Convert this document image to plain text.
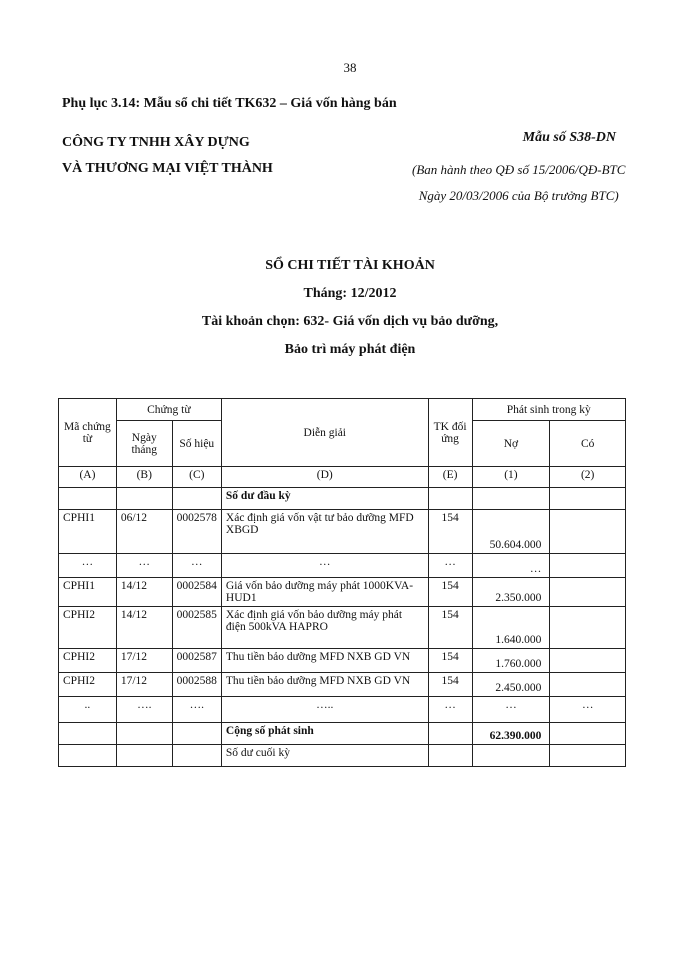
38
Phụ lục 3.14: Mẫu sổ chi tiết TK632 – Giá vốn hàng bán
CÔNG TY TNHH XÂY DỰNG
VÀ THƯƠNG MẠI VIỆT THÀNH
Mẫu số S38-DN
(Ban hành theo QĐ số 15/2006/QĐ-BTC
Ngày 20/03/2006 của Bộ trưởng BTC)
SỔ CHI TIẾT TÀI KHOẢN
Tháng: 12/2012
Tài khoản chọn: 632- Giá vốn dịch vụ bảo dưỡng,
Bảo trì máy phát điện
Mã chứng từ	Chứng từ		Diễn giải	TK đối ứng	Phát sinh trong kỳ	
	Ngày tháng	Số hiệu			Nợ	Có
(A)	(B)	(C)	(D)	(E)	(1)	(2)
			Số dư đầu kỳ			
CPHI1	06/12	0002578	Xác định giá vốn vật tư bảo dưỡng MFD XBGD	154	50.604.000	
…	…	…	…	…	…	
CPHI1	14/12	0002584	Giá vốn bảo dưỡng máy phát 1000KVA-HUD1	154	2.350.000	
CPHI2	14/12	0002585	Xác định giá vốn bảo dưỡng máy phát điện 500kVA HAPRO	154	1.640.000	
CPHI2	17/12	0002587	Thu tiền bảo dưỡng MFD NXB GD VN	154	1.760.000	
CPHI2	17/12	0002588	Thu tiền bảo dưỡng MFD NXB GD VN	154	2.450.000	
..	….	….	…..	…	…	…
			Cộng số phát sinh		62.390.000	
			Số dư cuối kỳ			
